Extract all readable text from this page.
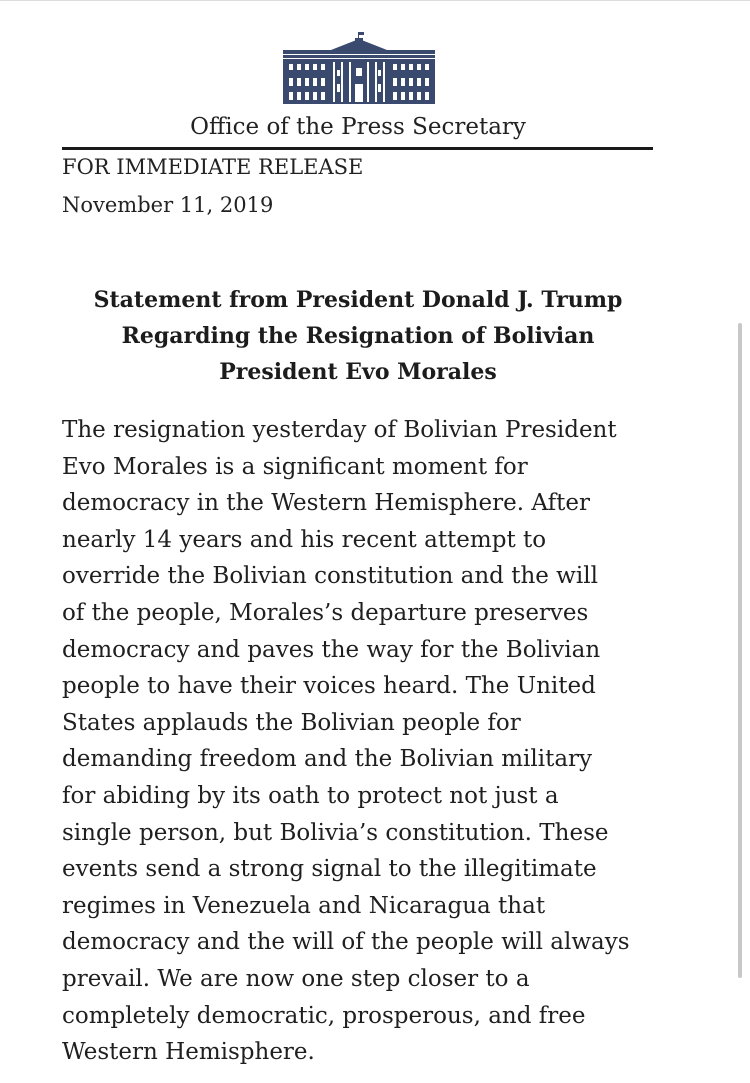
Office of the Press Secretary
FOR IMMEDIATE RELEASE
November 11, 2019
Statement from President Donald J. Trump
Regarding the Resignation of Bolivian
President Evo Morales
The resignation yesterday of Bolivian President
Evo Morales is a significant moment for
democracy in the Western Hemisphere. After
nearly 14 years and his recent attempt to
override the Bolivian constitution and the will
of the people, Morales’s departure preserves
democracy and paves the way for the Bolivian
people to have their voices heard. The United
States applauds the Bolivian people for
demanding freedom and the Bolivian military
for abiding by its oath to protect not just a
single person, but Bolivia’s constitution. These
events send a strong signal to the illegitimate
regimes in Venezuela and Nicaragua that
democracy and the will of the people will always
prevail. We are now one step closer to a
completely democratic, prosperous, and free
Western Hemisphere.
